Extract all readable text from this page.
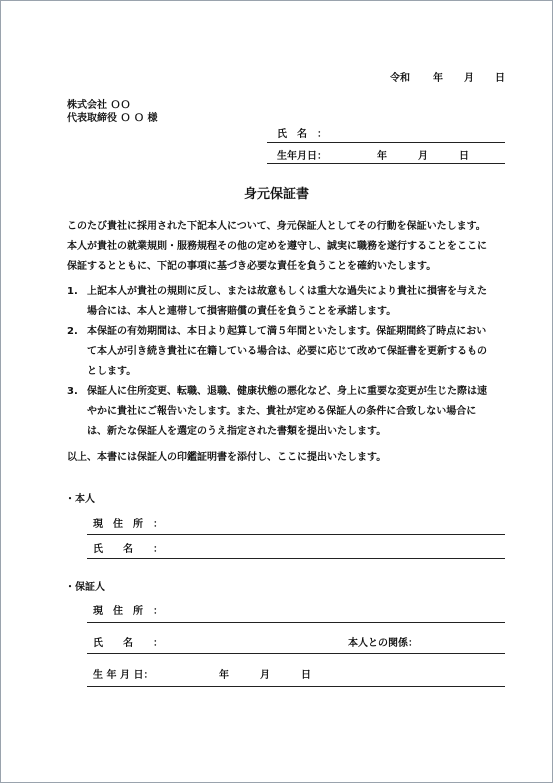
令和 年 月 日
株式会社 ＯＯ
代表取締役 Ｏ Ｏ 様
氏　名　：
生年月日：	年	月	日
身元保証書
このたび貴社に採用された下記本人について、身元保証人としてその行動を保証いたします。
本人が貴社の就業規則・服務規程その他の定めを遵守し、誠実に職務を遂行することをここに
保証するとともに、下記の事項に基づき必要な責任を負うことを確約いたします。
1. 上記本人が貴社の規則に反し、または故意もしくは重大な過失により貴社に損害を与えた
場合には、本人と連帯して損害賠償の責任を負うことを承諾します。
2. 本保証の有効期間は、本日より起算して満５年間といたします。保証期間終了時点におい
て本人が引き続き貴社に在籍している場合は、必要に応じて改めて保証書を更新するもの
とします。
3. 保証人に住所変更、転職、退職、健康状態の悪化など、身上に重要な変更が生じた際は速
やかに貴社にご報告いたします。また、貴社が定める保証人の条件に合致しない場合に
は、新たな保証人を選定のうえ指定された書類を提出いたします。
以上、本書には保証人の印鑑証明書を添付し、ここに提出いたします。
・本人
現　住　所　：
氏　　名　　：
・保証人
現　住　所　：
氏　　名　　：	本人との関係：
生 年 月 日：	年	月	日
